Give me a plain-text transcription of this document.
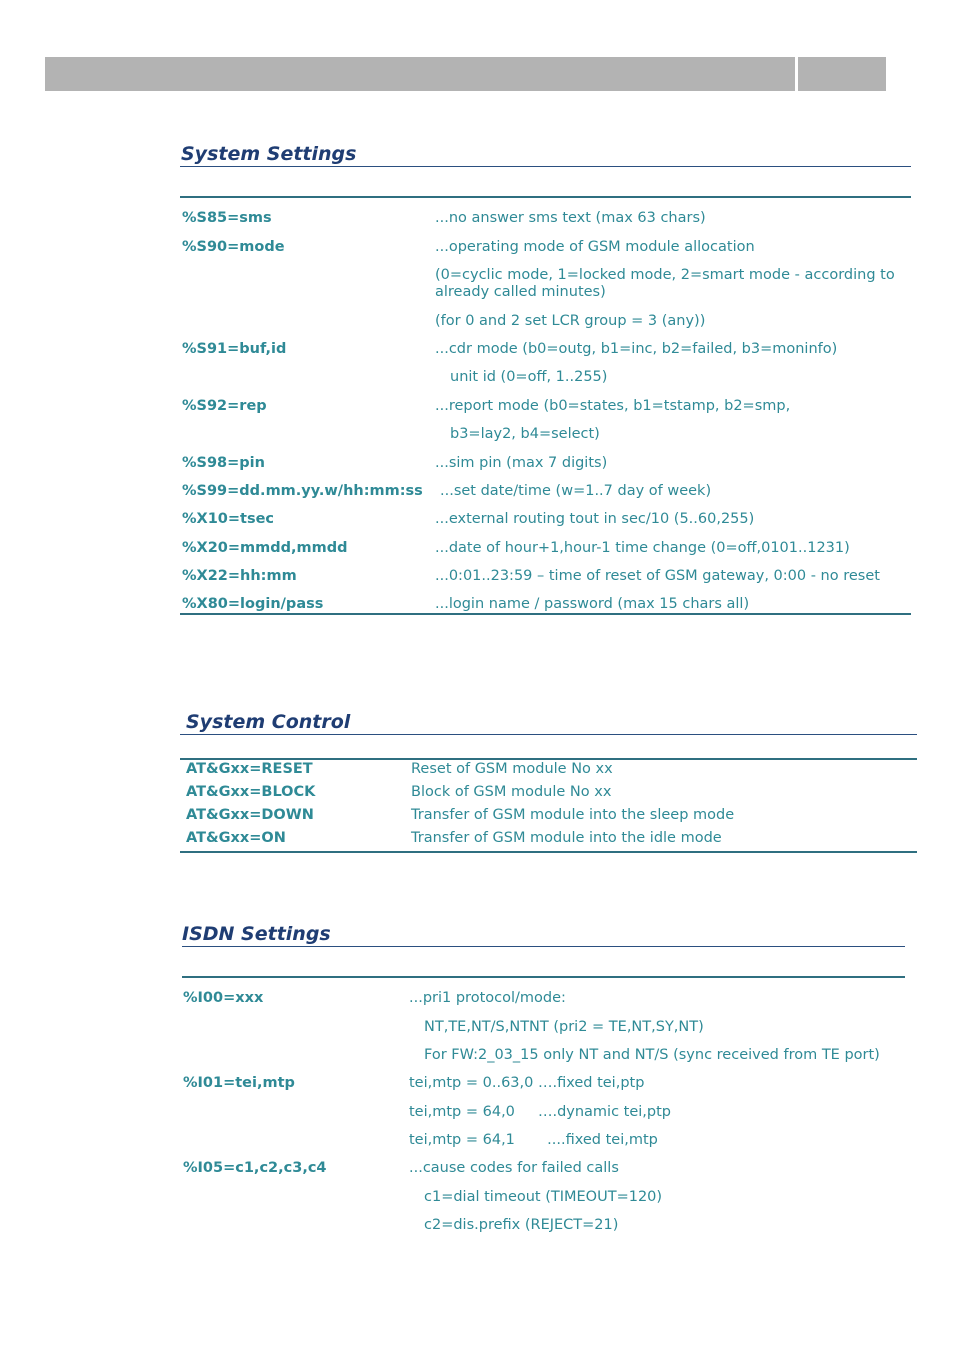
System Settings
%S85=sms	...no answer sms text (max 63 chars)
%S90=mode	...operating mode of GSM module allocation
(0=cyclic mode, 1=locked mode, 2=smart mode - according to already called minutes)
(for 0 and 2 set LCR group = 3 (any))
%S91=buf,id	...cdr mode (b0=outg, b1=inc, b2=failed, b3=moninfo)
unit id (0=off, 1..255)
%S92=rep	...report mode (b0=states, b1=tstamp, b2=smp,
b3=lay2, b4=select)
%S98=pin	...sim pin (max 7 digits)
%S99=dd.mm.yy.w/hh:mm:ss ...set date/time (w=1..7 day of week)
%X10=tsec	...external routing tout in sec/10 (5..60,255)
%X20=mmdd,mmdd	...date of hour+1,hour-1 time change (0=off,0101..1231)
%X22=hh:mm	...0:01..23:59 – time of reset of GSM gateway, 0:00 - no reset
%X80=login/pass	...login name / password (max 15 chars all)
System Control
AT&Gxx=RESET	Reset of GSM module No xx
AT&Gxx=BLOCK	Block of GSM module No xx
AT&Gxx=DOWN	Transfer of GSM module into the sleep mode
AT&Gxx=ON	Transfer of GSM module into the idle mode
ISDN Settings
%I00=xxx	...pri1 protocol/mode:
NT,TE,NT/S,NTNT (pri2 = TE,NT,SY,NT)
For FW:2_03_15 only NT and NT/S (sync received from TE port)
%I01=tei,mtp	tei,mtp = 0..63,0 ….fixed tei,ptp
tei,mtp = 64,0     ….dynamic tei,ptp
tei,mtp = 64,1       ....fixed tei,mtp
%I05=c1,c2,c3,c4	...cause codes for failed calls
c1=dial timeout (TIMEOUT=120)
c2=dis.prefix (REJECT=21)
